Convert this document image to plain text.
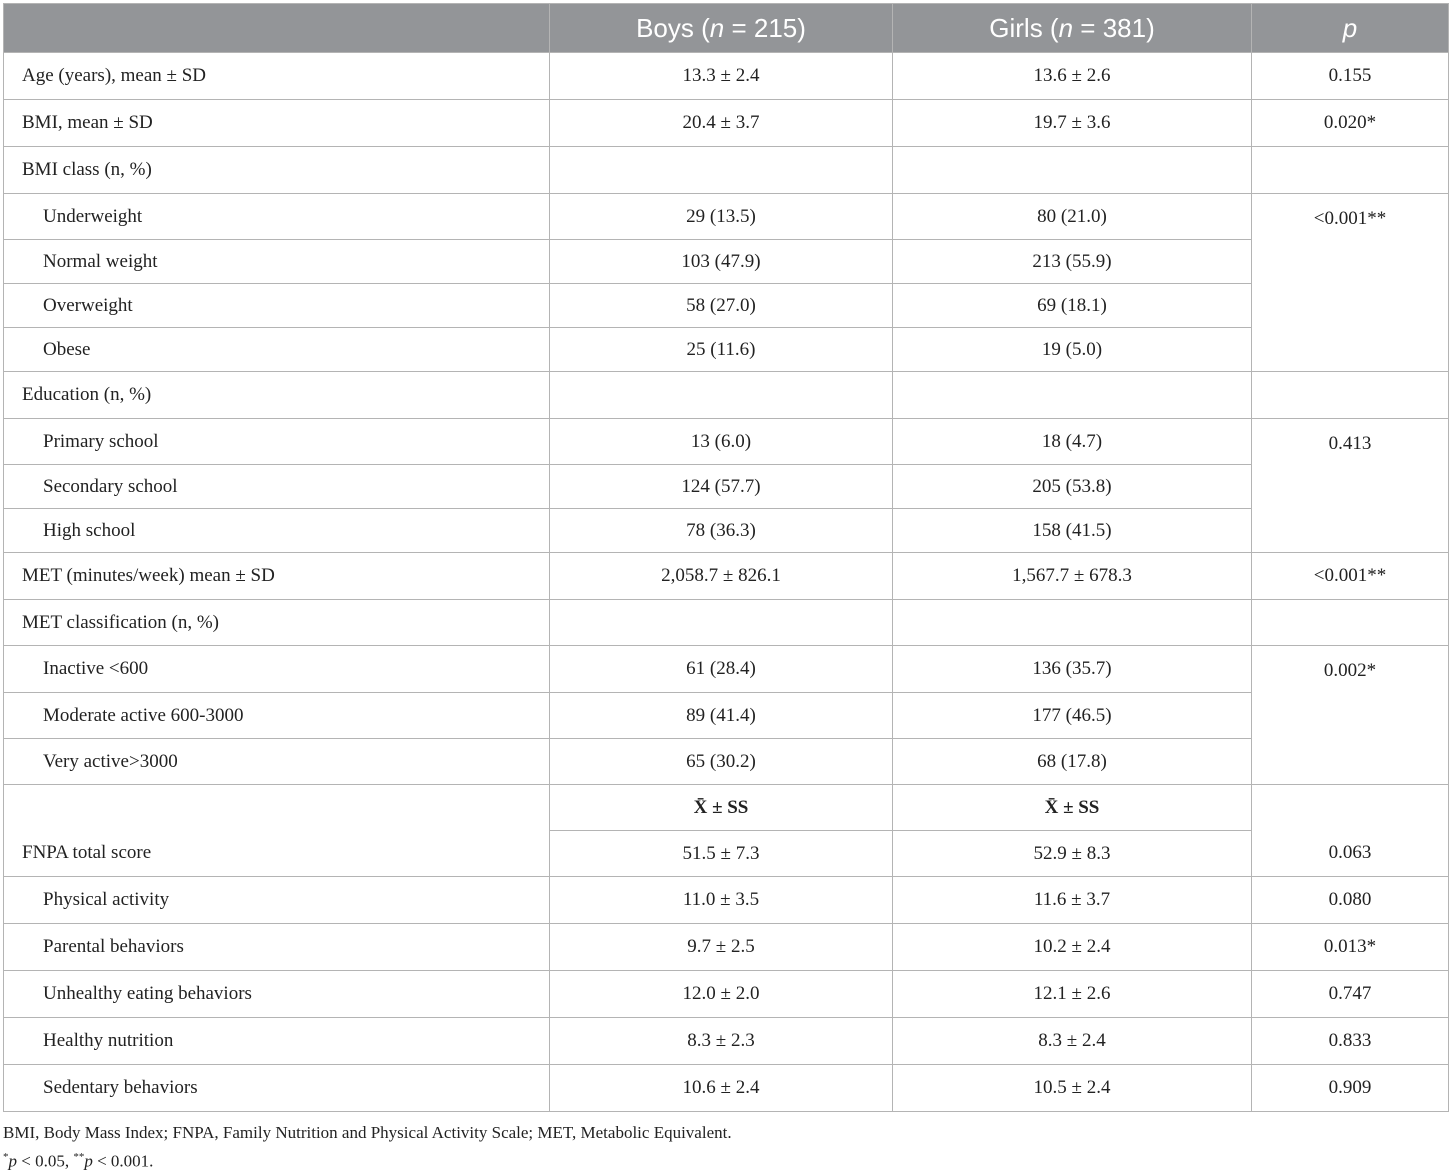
	Boys (n = 215)	Girls (n = 381)	p
Age (years), mean ± SD	13.3 ± 2.4	13.6 ± 2.6	0.155
BMI, mean ± SD	20.4 ± 3.7	19.7 ± 3.6	0.020*
BMI class (n, %)			
Underweight	29 (13.5)	80 (21.0)	<0.001**
Normal weight	103 (47.9)	213 (55.9)	
Overweight	58 (27.0)	69 (18.1)	
Obese	25 (11.6)	19 (5.0)	
Education (n, %)			
Primary school	13 (6.0)	18 (4.7)	0.413
Secondary school	124 (57.7)	205 (53.8)	
High school	78 (36.3)	158 (41.5)	
MET (minutes/week) mean ± SD	2,058.7 ± 826.1	1,567.7 ± 678.3	<0.001**
MET classification (n, %)			
Inactive <600	61 (28.4)	136 (35.7)	0.002*
Moderate active 600-3000	89 (41.4)	177 (46.5)	
Very active>3000	65 (30.2)	68 (17.8)	
	X̄ ± SS	X̄ ± SS	
FNPA total score	51.5 ± 7.3	52.9 ± 8.3	0.063
Physical activity	11.0 ± 3.5	11.6 ± 3.7	0.080
Parental behaviors	9.7 ± 2.5	10.2 ± 2.4	0.013*
Unhealthy eating behaviors	12.0 ± 2.0	12.1 ± 2.6	0.747
Healthy nutrition	8.3 ± 2.3	8.3 ± 2.4	0.833
Sedentary behaviors	10.6 ± 2.4	10.5 ± 2.4	0.909
BMI, Body Mass Index; FNPA, Family Nutrition and Physical Activity Scale; MET, Metabolic Equivalent.
*p < 0.05, **p < 0.001.
